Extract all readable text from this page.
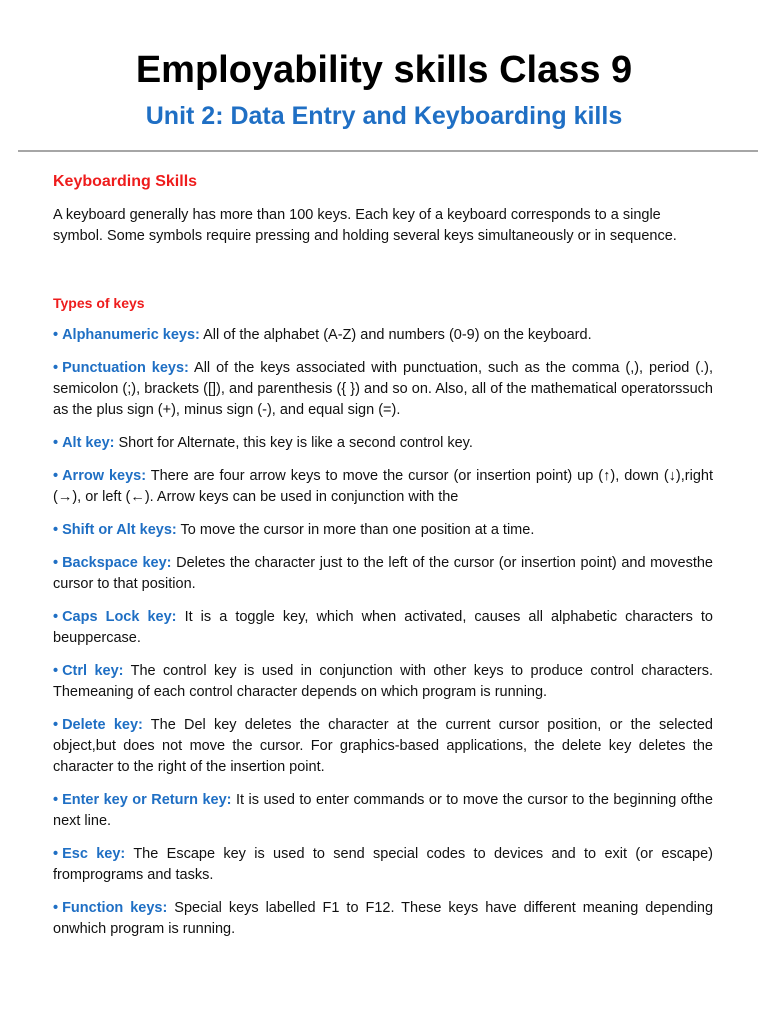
Employability skills Class 9
Unit 2: Data Entry and Keyboarding kills
Keyboarding Skills

A keyboard generally has more than 100 keys. Each key of a keyboard corresponds to a single symbol. Some symbols require pressing and holding several keys simultaneously or in sequence.

Types of keys
• Alphanumeric keys: All of the alphabet (A-Z) and numbers (0-9) on the keyboard.
• Punctuation keys: All of the keys associated with punctuation, such as the comma (,), period (.), semicolon (;), brackets ([]), and parenthesis ({ }) and so on. Also, all of the mathematical operatorssuch as the plus sign (+), minus sign (-), and equal sign (=).
• Alt key: Short for Alternate, this key is like a second control key.
• Arrow keys: There are four arrow keys to move the cursor (or insertion point) up (↑), down (↓),right (→), or left (←). Arrow keys can be used in conjunction with the
• Shift or Alt keys: To move the cursor in more than one position at a time.
• Backspace key: Deletes the character just to the left of the cursor (or insertion point) and movesthe cursor to that position.
• Caps Lock key: It is a toggle key, which when activated, causes all alphabetic characters to beuppercase.
• Ctrl key: The control key is used in conjunction with other keys to produce control characters. Themeaning of each control character depends on which program is running.
• Delete key: The Del key deletes the character at the current cursor position, or the selected object,but does not move the cursor. For graphics-based applications, the delete key deletes the character to the right of the insertion point.
• Enter key or Return key: It is used to enter commands or to move the cursor to the beginning ofthe next line.
• Esc key: The Escape key is used to send special codes to devices and to exit (or escape) fromprograms and tasks.
• Function keys: Special keys labelled F1 to F12. These keys have different meaning depending onwhich program is running.
